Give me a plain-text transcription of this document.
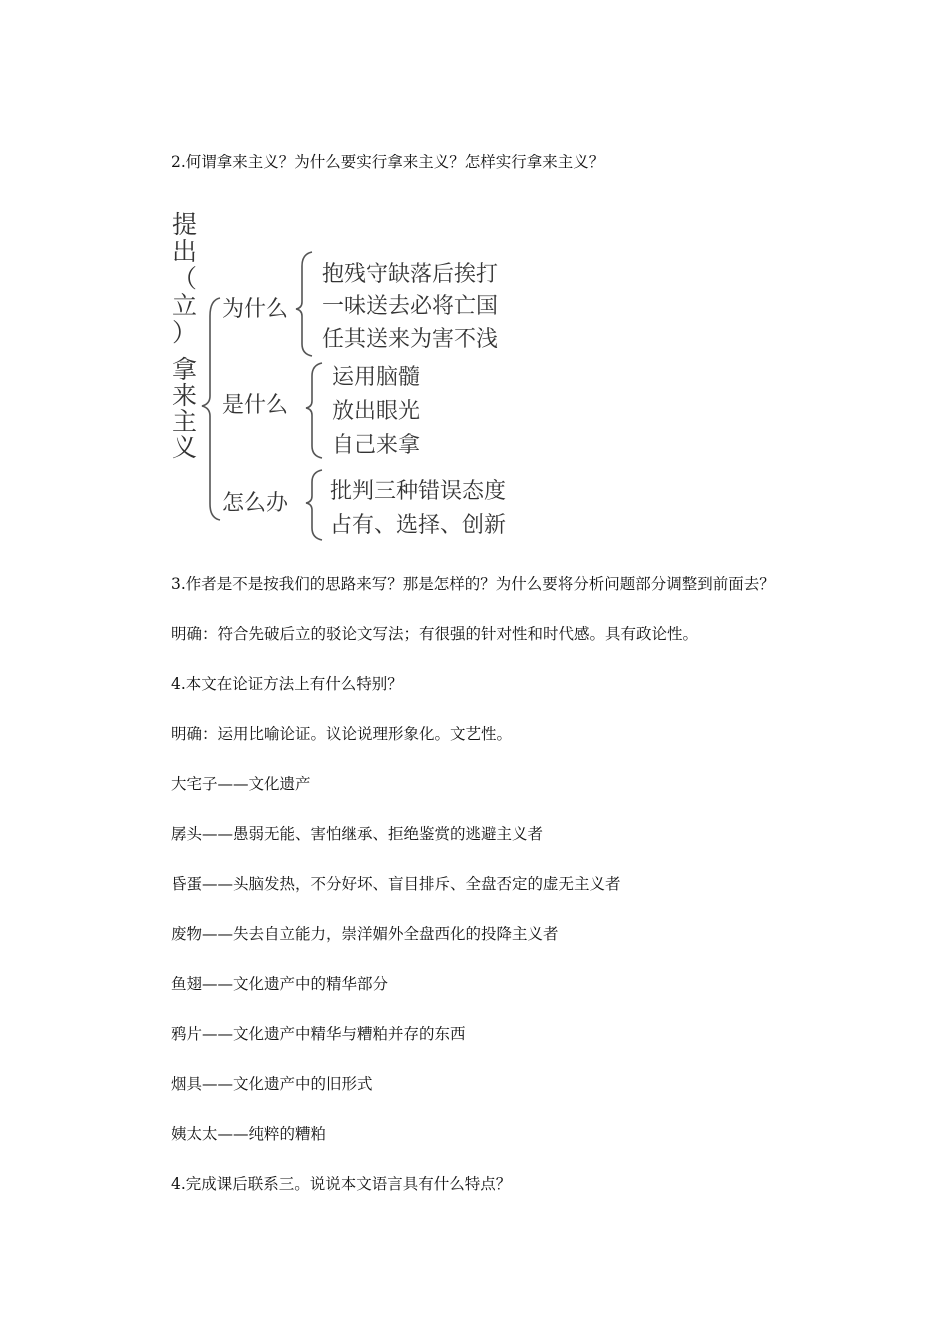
2.何谓拿来主义？为什么要实行拿来主义？怎样实行拿来主义？
提
出
（
立
）
拿
来
主
义
为什么
是什么
怎么办
抱残守缺落后挨打
一味送去必将亡国
任其送来为害不浅
运用脑髓
放出眼光
自己来拿
批判三种错误态度
占有、选择、创新
3.作者是不是按我们的思路来写？那是怎样的？为什么要将分析问题部分调整到前面去？
明确：符合先破后立的驳论文写法；有很强的针对性和时代感。具有政论性。
4.本文在论证方法上有什么特别？
明确：运用比喻论证。议论说理形象化。文艺性。
大宅子——文化遗产
孱头——愚弱无能、害怕继承、拒绝鉴赏的逃避主义者
昏蛋——头脑发热，不分好坏、盲目排斥、全盘否定的虚无主义者
废物——失去自立能力，崇洋媚外全盘西化的投降主义者
鱼翅——文化遗产中的精华部分
鸦片——文化遗产中精华与糟粕并存的东西
烟具——文化遗产中的旧形式
姨太太——纯粹的糟粕
4.完成课后联系三。说说本文语言具有什么特点？
